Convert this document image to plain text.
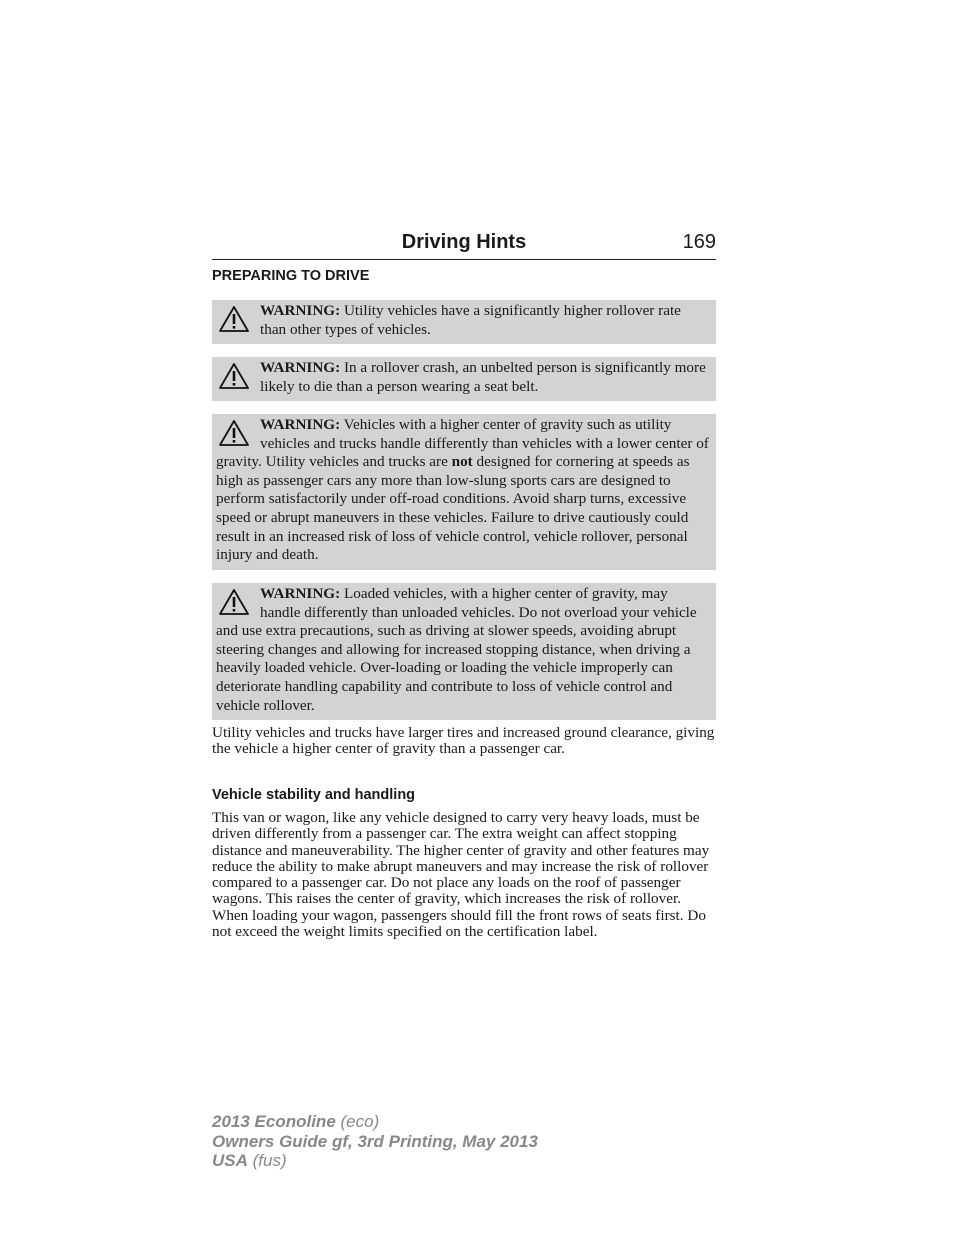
Driving Hints	169
PREPARING TO DRIVE
WARNING: Utility vehicles have a significantly higher rollover rate than other types of vehicles.
WARNING: In a rollover crash, an unbelted person is significantly more likely to die than a person wearing a seat belt.
WARNING: Vehicles with a higher center of gravity such as utility vehicles and trucks handle differently than vehicles with a lower center of gravity. Utility vehicles and trucks are not designed for cornering at speeds as high as passenger cars any more than low-slung sports cars are designed to perform satisfactorily under off-road conditions. Avoid sharp turns, excessive speed or abrupt maneuvers in these vehicles. Failure to drive cautiously could result in an increased risk of loss of vehicle control, vehicle rollover, personal injury and death.
WARNING: Loaded vehicles, with a higher center of gravity, may handle differently than unloaded vehicles. Do not overload your vehicle and use extra precautions, such as driving at slower speeds, avoiding abrupt steering changes and allowing for increased stopping distance, when driving a heavily loaded vehicle. Over-loading or loading the vehicle improperly can deteriorate handling capability and contribute to loss of vehicle control and vehicle rollover.
Utility vehicles and trucks have larger tires and increased ground clearance, giving the vehicle a higher center of gravity than a passenger car.
Vehicle stability and handling
This van or wagon, like any vehicle designed to carry very heavy loads, must be driven differently from a passenger car. The extra weight can affect stopping distance and maneuverability. The higher center of gravity and other features may reduce the ability to make abrupt maneuvers and may increase the risk of rollover compared to a passenger car. Do not place any loads on the roof of passenger wagons. This raises the center of gravity, which increases the risk of rollover. When loading your wagon, passengers should fill the front rows of seats first. Do not exceed the weight limits specified on the certification label.
2013 Econoline (eco)
Owners Guide gf, 3rd Printing, May 2013
USA (fus)
